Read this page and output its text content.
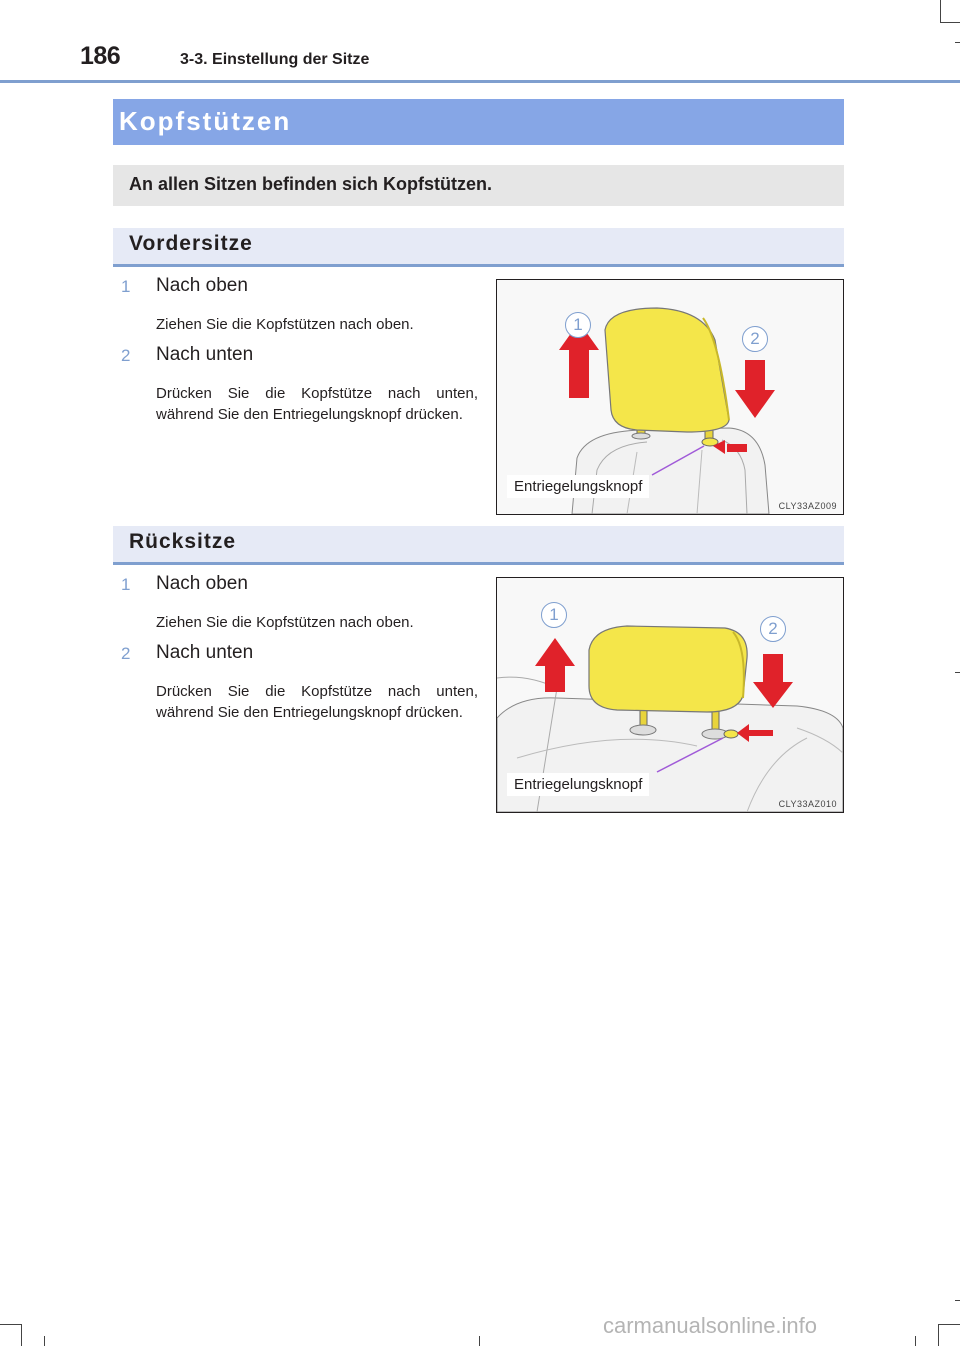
186	3-3. Einstellung der Sitze
Kopfstützen
An allen Sitzen befinden sich Kopfstützen.
Vordersitze
1 Nach oben
Ziehen Sie die Kopfstützen nach oben.
2 Nach unten
Drücken Sie die Kopfstütze nach unten, während Sie den Entriegelungsknopf drücken.
1
2
Entriegelungsknopf
CLY33AZ009
Rücksitze
1 Nach oben
Ziehen Sie die Kopfstützen nach oben.
2 Nach unten
Drücken Sie die Kopfstütze nach unten, während Sie den Entriegelungsknopf drücken.
1
2
Entriegelungsknopf
CLY33AZ010
carmanualsonline.info
